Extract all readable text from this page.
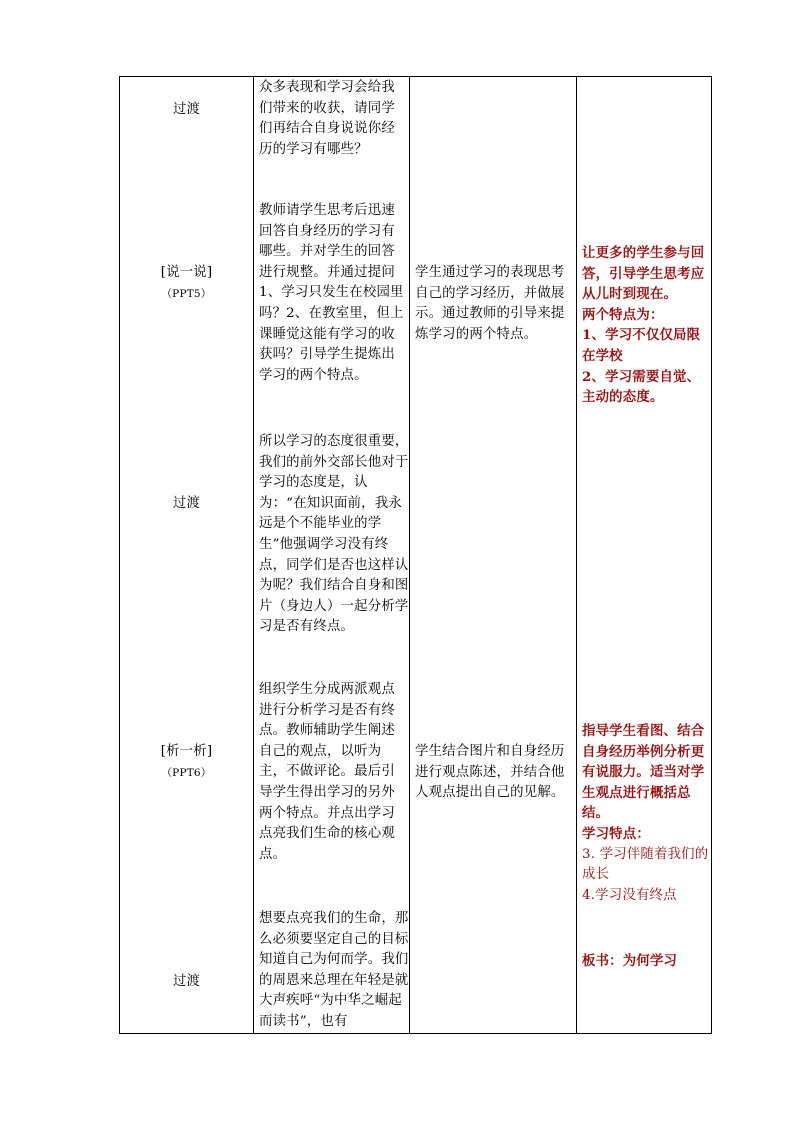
过渡

众多表现和学习会给我们带来的收获，请同学们再结合自身说说你经历的学习有哪些？

[说一说]
（PPT5）

教师请学生思考后迅速回答自身经历的学习有哪些。并对学生的回答进行规整。并通过提问1、学习只发生在校园里吗？2、在教室里，但上课睡觉这能有学习的收获吗？引导学生提炼出学习的两个特点。

学生通过学习的表现思考自己的学习经历，并做展示。通过教师的引导来提炼学习的两个特点。

让更多的学生参与回答，引导学生思考应从儿时到现在。

两个特点为：

1、学习不仅仅局限在学校

2、学习需要自觉、主动的态度。

过渡

所以学习的态度很重要，我们的前外交部长他对于学习的态度是，认为：“在知识面前，我永远是个不能毕业的学生”他强调学习没有终点，同学们是否也这样认为呢？我们结合自身和图片（身边人）一起分析学习是否有终点。

[析一析]
（PPT6）

组织学生分成两派观点进行分析学习是否有终点。教师辅助学生阐述自己的观点，以听为主，不做评论。最后引导学生得出学习的另外两个特点。并点出学习点亮我们生命的核心观点。

学生结合图片和自身经历进行观点陈述，并结合他人观点提出自己的见解。

指导学生看图、结合自身经历举例分析更有说服力。适当对学生观点进行概括总结。

学习特点：

3. 学习伴随着我们的成长

4.学习没有终点

过渡

想要点亮我们的生命，那么必须要坚定自己的目标知道自己为何而学。我们的周恩来总理在年轻是就大声疾呼“为中华之崛起而读书”，也有

板书：为何学习
